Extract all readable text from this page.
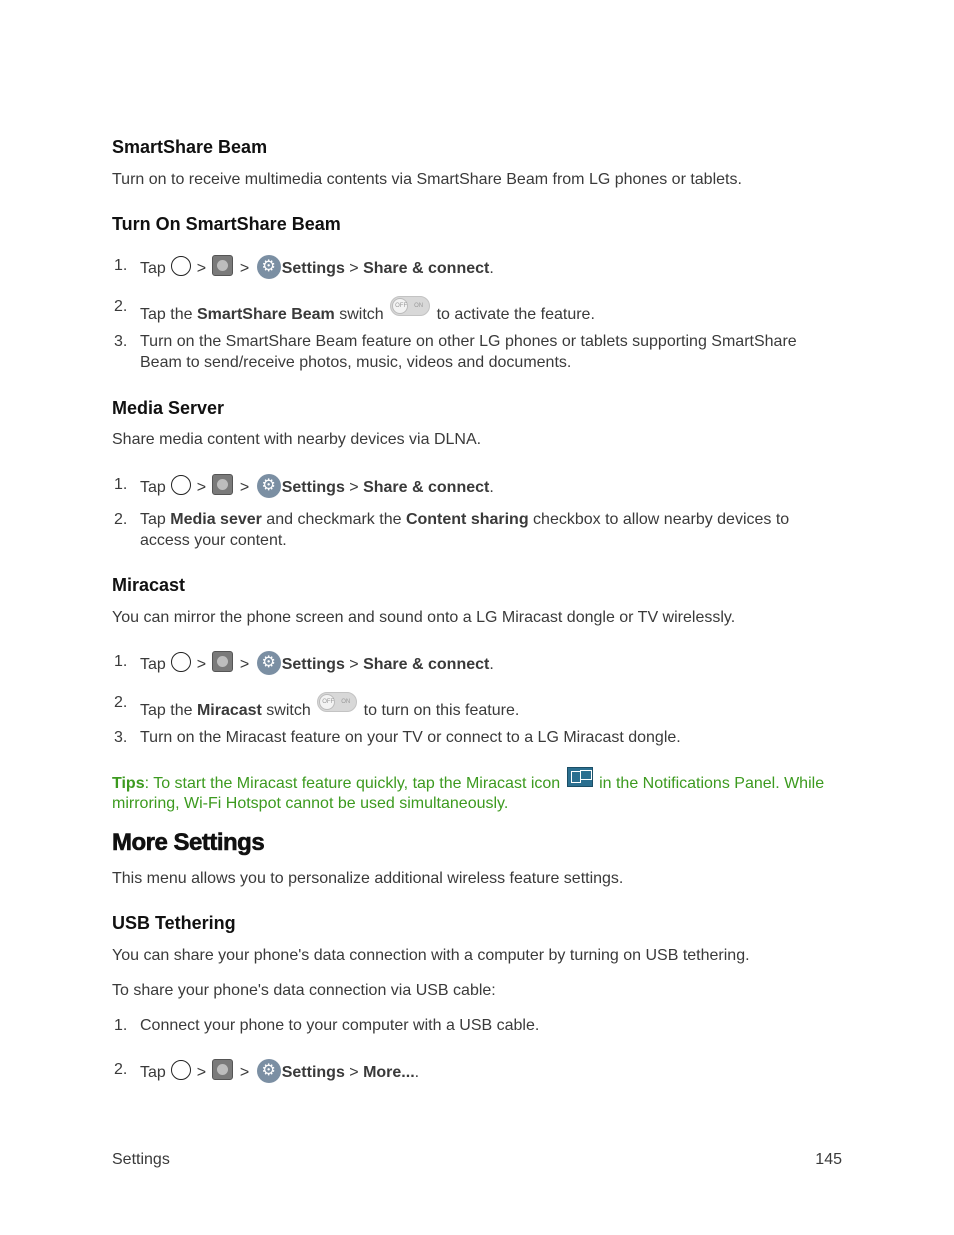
SmartShare Beam
Turn on to receive multimedia contents via SmartShare Beam from LG phones or tablets.
Turn On SmartShare Beam
1. Tap  >  > ⚙ Settings > Share & connect.
2. Tap the SmartShare Beam switch OFF ON to activate the feature.
3. Turn on the SmartShare Beam feature on other LG phones or tablets supporting SmartShare Beam to send/receive photos, music, videos and documents.
Media Server
Share media content with nearby devices via DLNA.
1. Tap  >  > ⚙ Settings > Share & connect.
2. Tap Media sever and checkmark the Content sharing checkbox to allow nearby devices to access your content.
Miracast
You can mirror the phone screen and sound onto a LG Miracast dongle or TV wirelessly.
1. Tap  >  > ⚙ Settings > Share & connect.
2. Tap the Miracast switch OFF ON to turn on this feature.
3. Turn on the Miracast feature on your TV or connect to a LG Miracast dongle.
Tips: To start the Miracast feature quickly, tap the Miracast icon  in the Notifications Panel. While mirroring, Wi-Fi Hotspot cannot be used simultaneously.
More Settings
This menu allows you to personalize additional wireless feature settings.
USB Tethering
You can share your phone's data connection with a computer by turning on USB tethering.
To share your phone's data connection via USB cable:
1. Connect your phone to your computer with a USB cable.
2. Tap  >  > ⚙ Settings > More....
Settings	145
